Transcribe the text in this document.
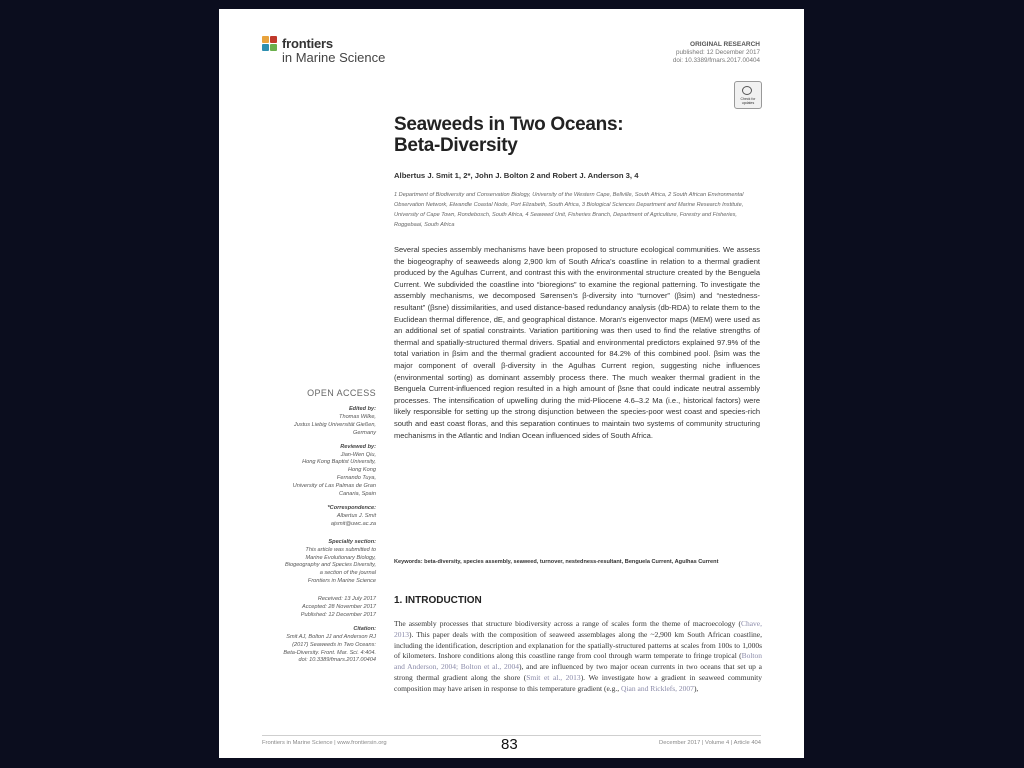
frontiers
in Marine Science
ORIGINAL RESEARCH
published: 12 December 2017
doi: 10.3389/fmars.2017.00404
Check for updates
Seaweeds in Two Oceans:
Beta-Diversity
Albertus J. Smit 1, 2*, John J. Bolton 2 and Robert J. Anderson 3, 4
1 Department of Biodiversity and Conservation Biology, University of the Western Cape, Bellville, South Africa, 2 South African Environmental Observation Network, Elwandle Coastal Node, Port Elizabeth, South Africa, 3 Biological Sciences Department and Marine Research Institute, University of Cape Town, Rondebosch, South Africa, 4 Seaweed Unit, Fisheries Branch, Department of Agriculture, Forestry and Fisheries, Roggebaai, South Africa
Several species assembly mechanisms have been proposed to structure ecological communities. We assess the biogeography of seaweeds along 2,900 km of South Africa’s coastline in relation to a thermal gradient produced by the Agulhas Current, and contrast this with the environmental structure created by the Benguela Current. We subdivided the coastline into “bioregions” to examine the regional patterning. To investigate the assembly mechanisms, we decomposed Sørensen’s β-diversity into “turnover” (βsim) and “nestedness-resultant” (βsne) dissimilarities, and used distance-based redundancy analysis (db-RDA) to relate them to the Euclidean thermal difference, dE, and geographical distance. Moran’s eigenvector maps (MEM) were used as an additional set of spatial constraints. Variation partitioning was then used to find the relative strengths of thermal and spatially-structured thermal drivers. Spatial and environmental predictors explained 97.9% of the total variation in βsim and the thermal gradient accounted for 84.2% of this combined pool. βsim was the major component of overall β-diversity in the Agulhas Current region, suggesting niche influences (environmental sorting) as dominant assembly process there. The much weaker thermal gradient in the Benguela Current-influenced region resulted in a high amount of βsne that could indicate neutral assembly processes. The intensification of upwelling during the mid-Pliocene 4.6–3.2 Ma (i.e., historical factors) were likely responsible for setting up the strong disjunction between the species-poor west coast and species-rich south and east coast floras, and this separation continues to maintain two systems of community structuring mechanisms in the Atlantic and Indian Ocean influenced sides of South Africa.
Keywords: beta-diversity, species assembly, seaweed, turnover, nestedness-resultant, Benguela Current, Agulhas Current
1. INTRODUCTION
The assembly processes that structure biodiversity across a range of scales form the theme of macroecology (Chave, 2013). This paper deals with the composition of seaweed assemblages along the ~2,900 km South African coastline, including the identification, description and explanation for the spatially-structured patterns at scales from 100s to 1,000s of kilometers. Inshore conditions along this coastline range from cool through warm temperate to fringe tropical (Bolton and Anderson, 2004; Bolton et al., 2004), and are influenced by two major ocean currents in two oceans that set up a strong thermal gradient along the shore (Smit et al., 2013). We investigate how a gradient in seaweed community composition may have arisen in response to this temperature gradient (e.g., Qian and Ricklefs, 2007),
OPEN ACCESS
Edited by:
Thomas Wilke,
Justus Liebig Universität Gießen,
Germany
Reviewed by:
Jian-Wen Qiu,
Hong Kong Baptist University,
Hong Kong
Fernando Tuya,
University of Las Palmas de Gran
Canaria, Spain
*Correspondence:
Albertus J. Smit
ajsmit@uwc.ac.za
Specialty section:
This article was submitted to
Marine Evolutionary Biology,
Biogeography and Species Diversity,
a section of the journal
Frontiers in Marine Science
Received: 13 July 2017
Accepted: 28 November 2017
Published: 12 December 2017
Citation:
Smit AJ, Bolton JJ and Anderson RJ
(2017) Seaweeds in Two Oceans:
Beta-Diversity. Front. Mar. Sci. 4:404.
doi: 10.3389/fmars.2017.00404
Frontiers in Marine Science | www.frontiersin.org	December 2017 | Volume 4 | Article 404
83
